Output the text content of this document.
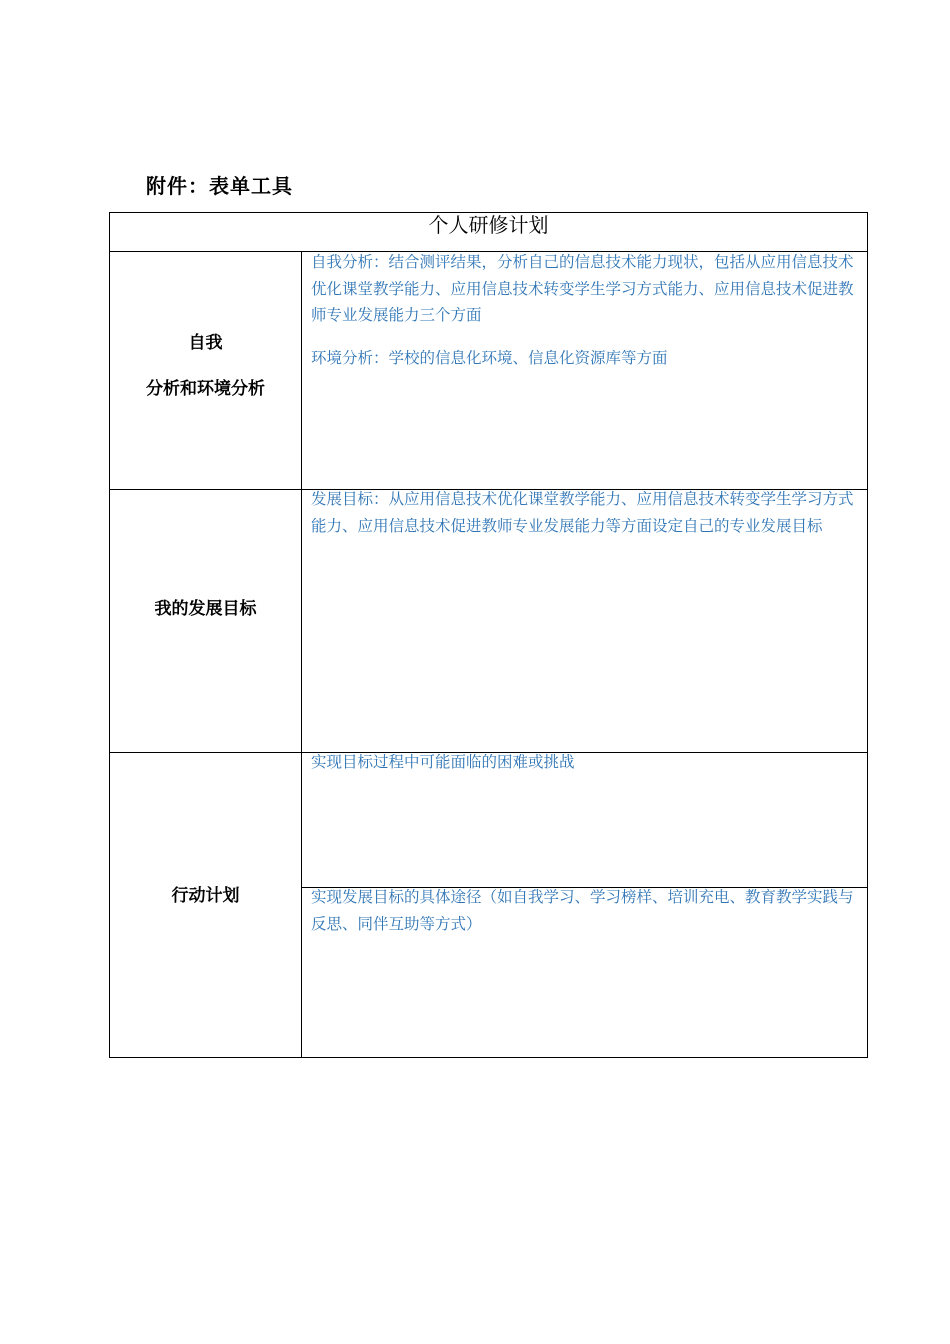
附件：表单工具
个人研修计划
自我
分析和环境分析

自我分析：结合测评结果，分析自己的信息技术能力现状，包括从应用信息技术优化课堂教学能力、应用信息技术转变学生学习方式能力、应用信息技术促进教师专业发展能力三个方面

环境分析：学校的信息化环境、信息化资源库等方面

我的发展目标

发展目标：从应用信息技术优化课堂教学能力、应用信息技术转变学生学习方式能力、应用信息技术促进教师专业发展能力等方面设定自己的专业发展目标

行动计划

实现目标过程中可能面临的困难或挑战

实现发展目标的具体途径（如自我学习、学习榜样、培训充电、教育教学实践与反思、同伴互助等方式）
